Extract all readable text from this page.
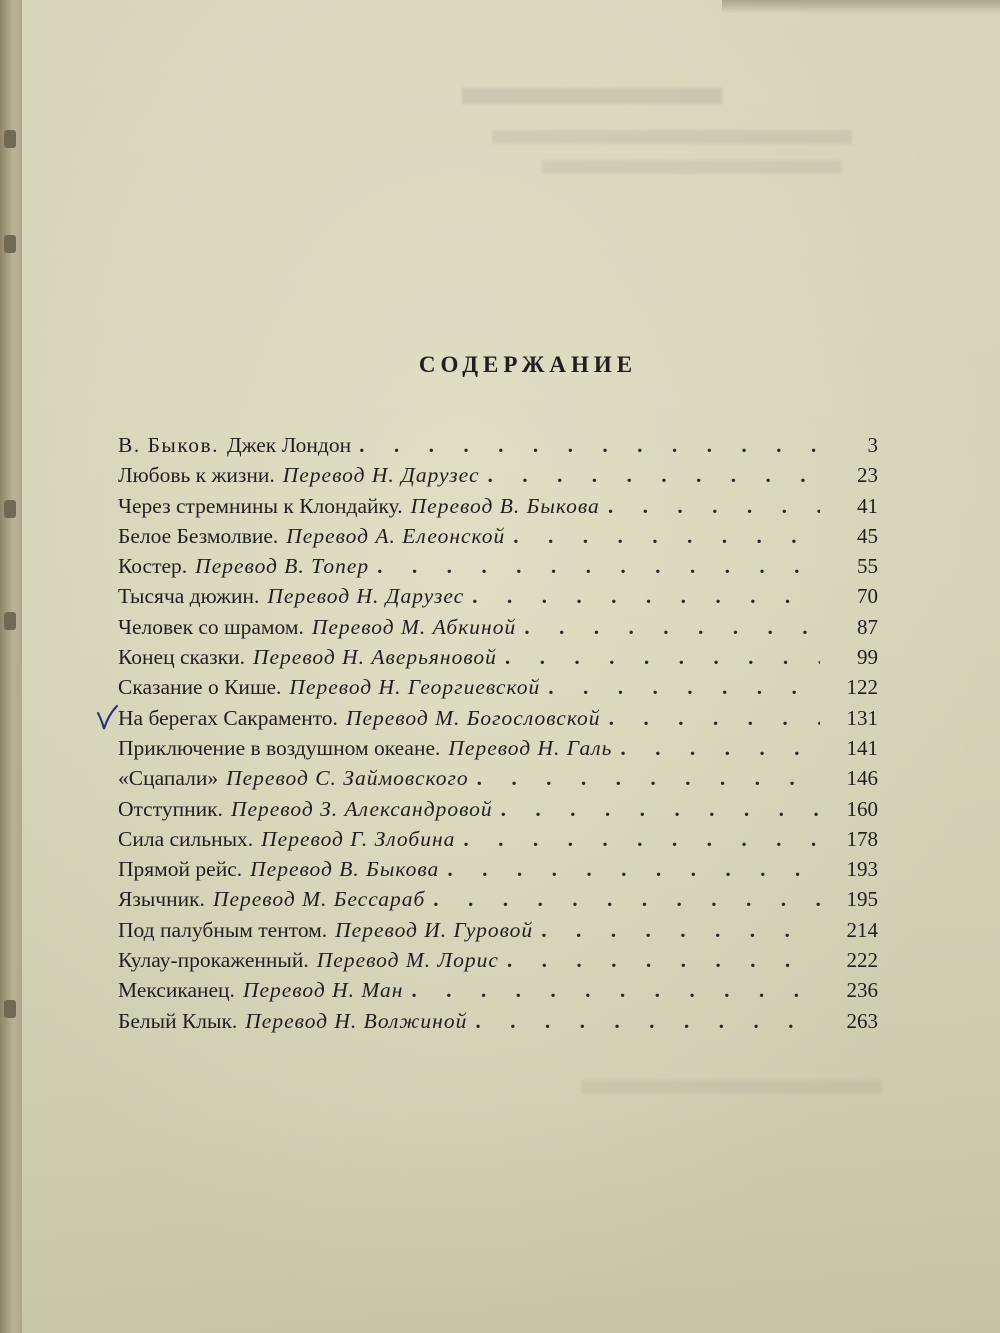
СОДЕРЖАНИЕ
В. Быков. Джек Лондон . . .	3
Любовь к жизни. Перевод Н. Дарузес . . .	23
Через стремнины к Клондайку. Перевод В. Быкова . . .	41
Белое Безмолвие. Перевод А. Елеонской . . .	45
Костер. Перевод В. Топер . . .	55
Тысяча дюжин. Перевод Н. Дарузес . . .	70
Человек со шрамом. Перевод М. Абкиной . . .	87
Конец сказки. Перевод Н. Аверьяновой . . .	99
Сказание о Кише. Перевод Н. Георгиевской . . .	122
На берегах Сакраменто. Перевод М. Богословской . . .	131
Приключение в воздушном океане. Перевод Н. Галь . . .	141
«Сцапали» Перевод С. Займовского . . .	146
Отступник. Перевод З. Александровой . . .	160
Сила сильных. Перевод Г. Злобина . . .	178
Прямой рейс. Перевод В. Быкова . . .	193
Язычник. Перевод М. Бессараб . . .	195
Под палубным тентом. Перевод И. Гуровой . . .	214
Кулау-прокаженный. Перевод М. Лорис . . .	222
Мексиканец. Перевод Н. Ман . . .	236
Белый Клык. Перевод Н. Волжиной . . .	263
